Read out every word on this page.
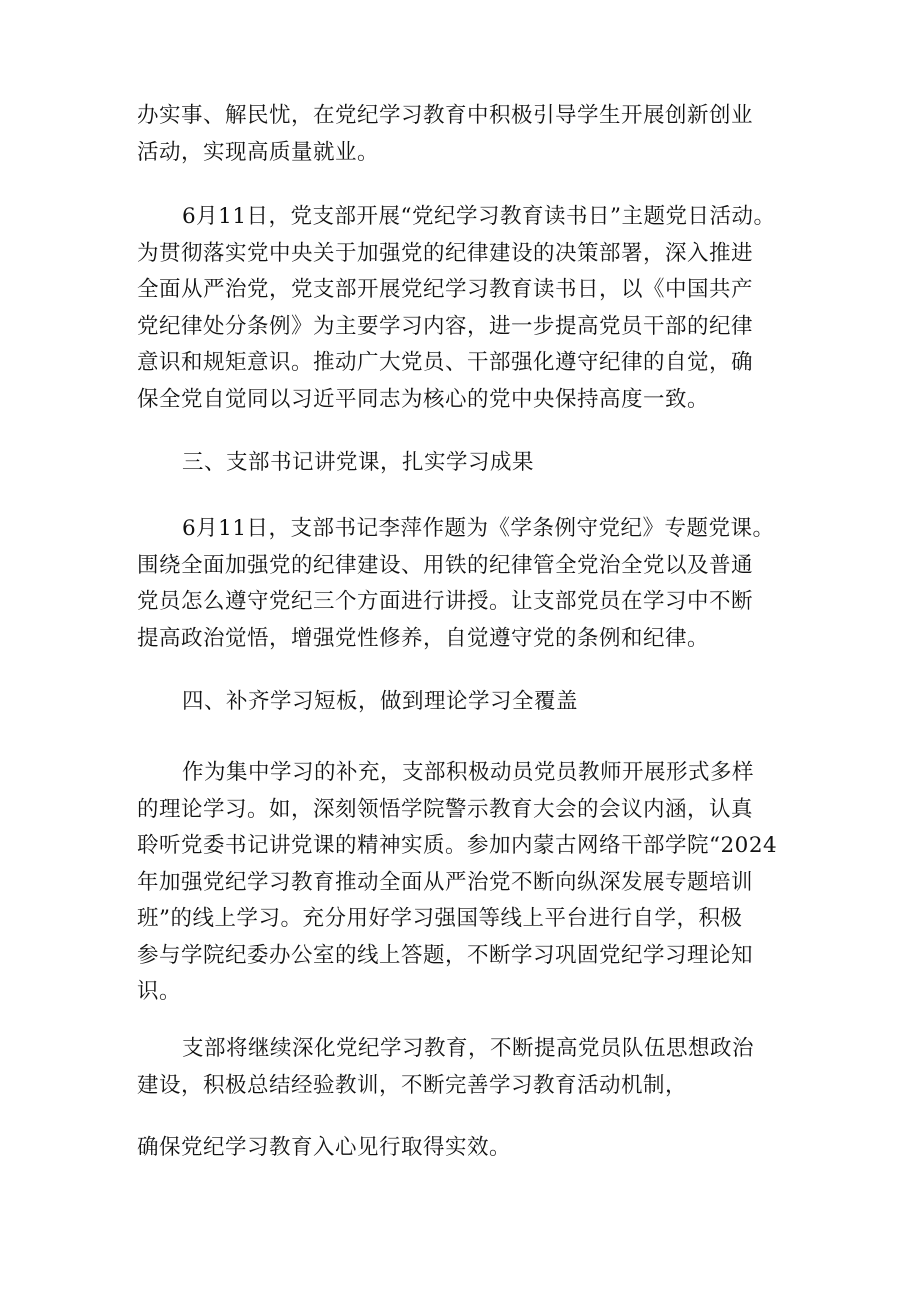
办实事、解民忧，在党纪学习教育中积极引导学生开展创新创业
活动，实现高质量就业。

6月11日，党支部开展“党纪学习教育读书日”主题党日活动。
为贯彻落实党中央关于加强党的纪律建设的决策部署，深入推进
全面从严治党，党支部开展党纪学习教育读书日，以《中国共产
党纪律处分条例》为主要学习内容，进一步提高党员干部的纪律
意识和规矩意识。推动广大党员、干部强化遵守纪律的自觉，确
保全党自觉同以习近平同志为核心的党中央保持高度一致。

三、支部书记讲党课，扎实学习成果

6月11日，支部书记李萍作题为《学条例守党纪》专题党课。
围绕全面加强党的纪律建设、用铁的纪律管全党治全党以及普通
党员怎么遵守党纪三个方面进行讲授。让支部党员在学习中不断
提高政治觉悟，增强党性修养，自觉遵守党的条例和纪律。

四、补齐学习短板，做到理论学习全覆盖

作为集中学习的补充，支部积极动员党员教师开展形式多样
的理论学习。如，深刻领悟学院警示教育大会的会议内涵，认真
聆听党委书记讲党课的精神实质。参加内蒙古网络干部学院“2024
年加强党纪学习教育推动全面从严治党不断向纵深发展专题培训
班”的线上学习。充分用好学习强国等线上平台进行自学，积极
参与学院纪委办公室的线上答题，不断学习巩固党纪学习理论知
识。

支部将继续深化党纪学习教育，不断提高党员队伍思想政治
建设，积极总结经验教训，不断完善学习教育活动机制，

确保党纪学习教育入心见行取得实效。
